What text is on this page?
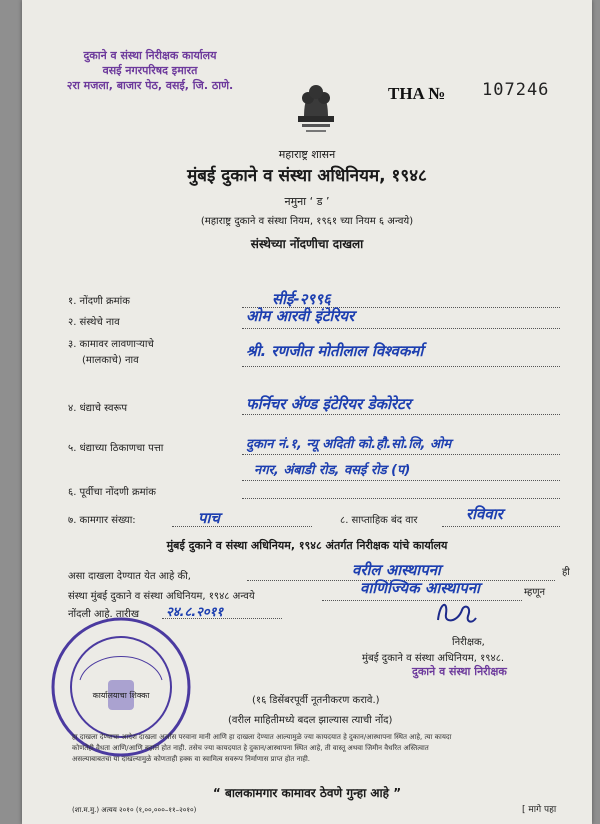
दुकाने व संस्था निरीक्षक कार्यालय
वसई नगरपरिषद इमारत
२रा मजला, बाजार पेठ, वसई, जि. ठाणे.	THA № 107246
महाराष्ट्र शासन
मुंबई दुकाने व संस्था अधिनियम, १९४८
नमुना ‘ ड ’
(महाराष्ट्र दुकाने व संस्था नियम, १९६१ च्या नियम ६ अन्वये)
संस्थेच्या नोंदणीचा दाखला
१. नोंदणी क्रमांक	सीई-२९९६
२. संस्थेचे नाव	ओम आरवी इंटेरियर
३. कामावर लावणाऱ्याचे
(मालकाचे) नाव
श्री. रणजीत मोतीलाल विश्वकर्मा
४. धंद्याचे स्वरूप	फर्निचर ॲण्ड इंटेरियर डेकोरेटर
५. धंद्याच्या ठिकाणचा पत्ता	दुकान नं.१, न्यू अदिती को.हौ.सो.लि, ओम
नगर, अंबाडी रोड, वसई रोड (प)
६. पूर्वीचा नोंदणी क्रमांक
७. कामगार संख्या:	पाच	८. साप्ताहिक बंद वार	रविवार
मुंबई दुकाने व संस्था अधिनियम, १९४८ अंतर्गत निरीक्षक यांचे कार्यालय
असा दाखला देण्यात येत आहे की,	ही
वरील आस्थापना
संस्था मुंबई दुकाने व संस्था अधिनियम, १९४८ अन्वये	म्हणून
वाणिज्यिक आस्थापना
नोंदली आहे. तारीख २४.८.२०११
निरीक्षक,
मुंबई दुकाने व संस्था अधिनियम, १९४८.
दुकाने व संस्था निरीक्षक
कार्यालयाचा शिक्का	(१६ डिसेंबरपूर्वी नूतनीकरण करावे.)
(वरील माहितीमध्ये बदल झाल्यास त्याची नोंद)
हा दाखला देण्याचा आदेश दाखला अर्जास परवाना मानी आणि हा दाखला देण्यात आल्यामुळे ज्या कायदयात हे दुकान/आस्थापना स्थित आहे, त्या कायदा
कोणतेही वैधता आणि/आणि बहाल होत नाही. तसेच ज्या कायदयात हे दुकान/आस्थापना स्थित आहे, ती वास्तू अथवा जिमीन वैधरित अस्तित्वात
असल्याबाबतचा या दाखल्यामुळे कोणताही हक्क वा स्वामित्व सवरूप निर्माणास प्राप्त होत नाही.
“ बालकामगार कामावर ठेवणे गुन्हा आहे ”
(शा.म.मु.) अत्यय २०१० (१,००,०००–११–२०१०)	[ मागे पहा
